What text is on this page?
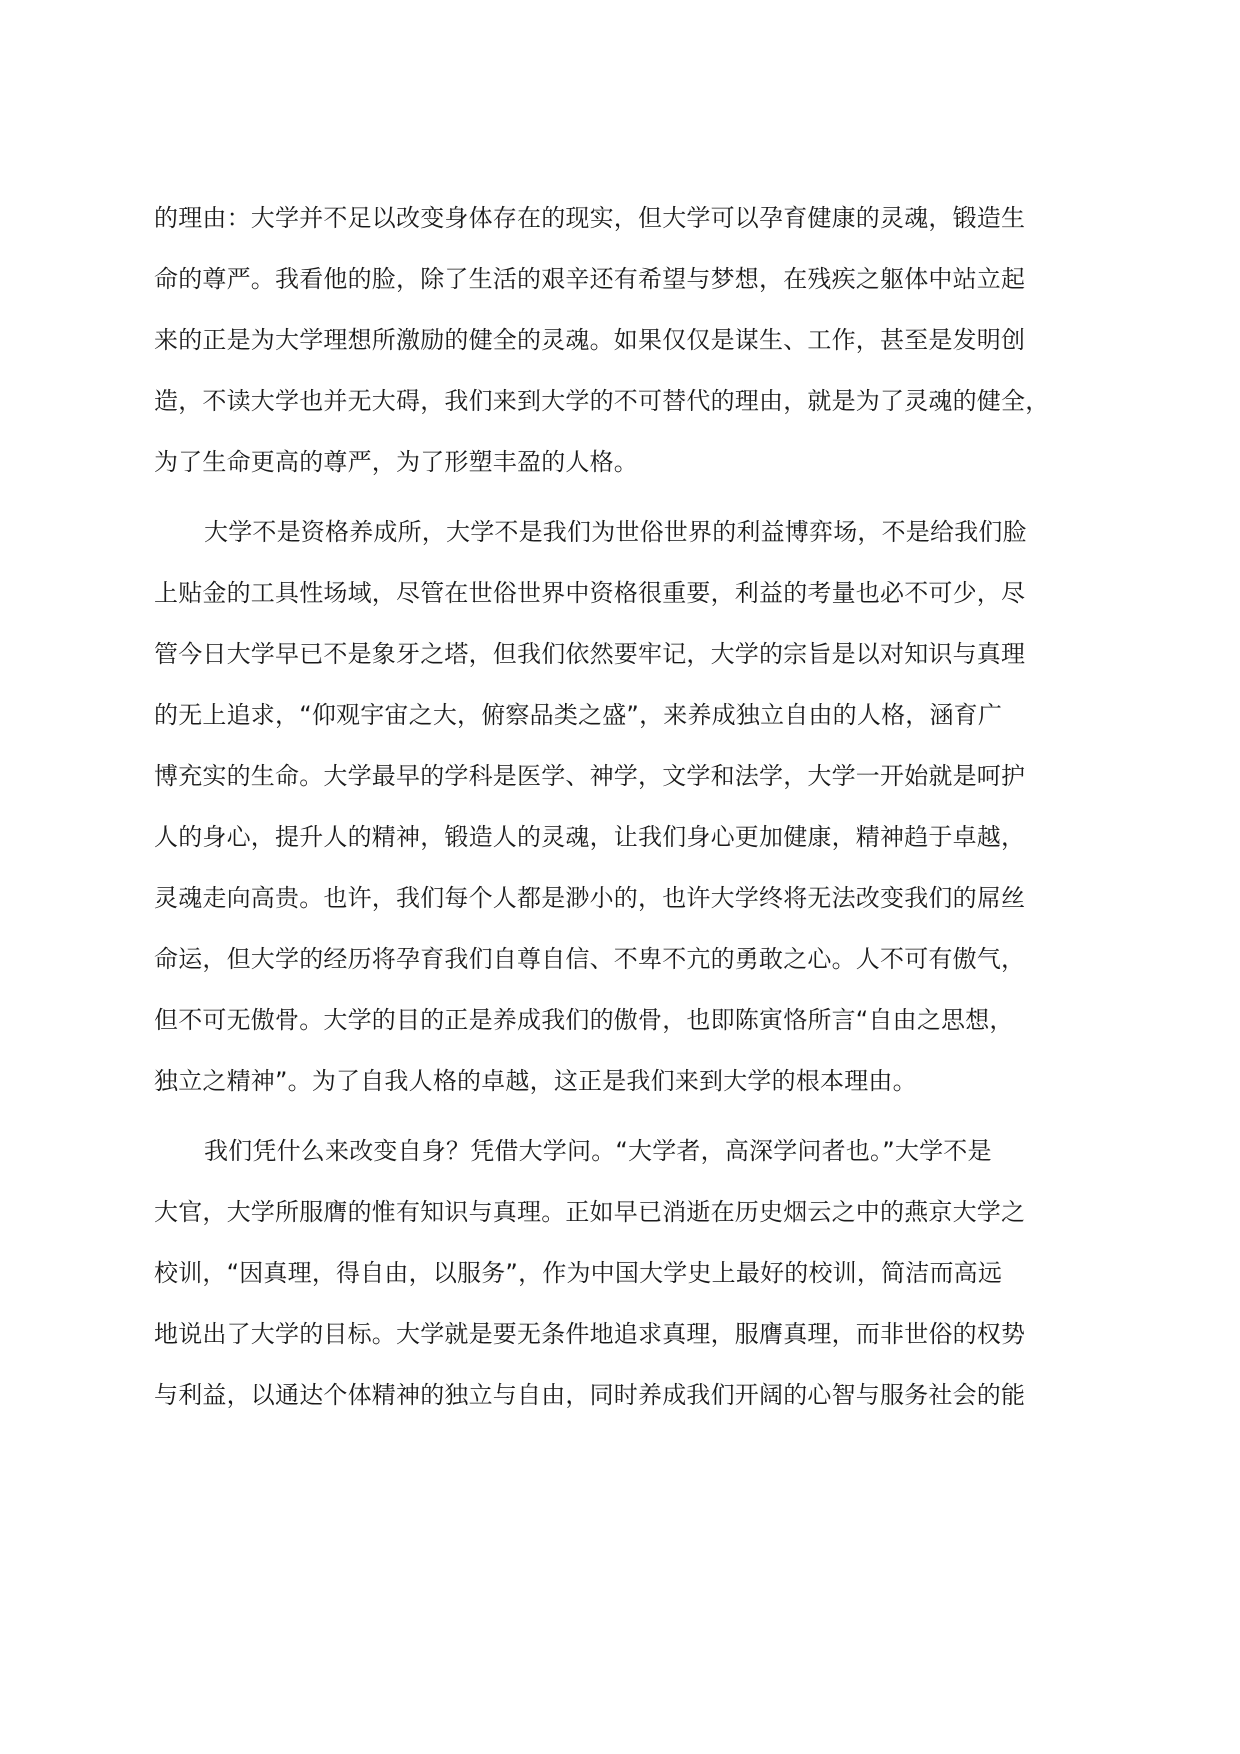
的理由：大学并不足以改变身体存在的现实，但大学可以孕育健康的灵魂，锻造生
命的尊严。我看他的脸，除了生活的艰辛还有希望与梦想，在残疾之躯体中站立起
来的正是为大学理想所激励的健全的灵魂。如果仅仅是谋生、工作，甚至是发明创
造，不读大学也并无大碍，我们来到大学的不可替代的理由，就是为了灵魂的健全，
为了生命更高的尊严，为了形塑丰盈的人格。
大学不是资格养成所，大学不是我们为世俗世界的利益博弈场，不是给我们脸
上贴金的工具性场域，尽管在世俗世界中资格很重要，利益的考量也必不可少，尽
管今日大学早已不是象牙之塔，但我们依然要牢记，大学的宗旨是以对知识与真理
的无上追求，“仰观宇宙之大，俯察品类之盛”，来养成独立自由的人格，涵育广
博充实的生命。大学最早的学科是医学、神学，文学和法学，大学一开始就是呵护
人的身心，提升人的精神，锻造人的灵魂，让我们身心更加健康，精神趋于卓越，
灵魂走向高贵。也许，我们每个人都是渺小的，也许大学终将无法改变我们的屌丝
命运，但大学的经历将孕育我们自尊自信、不卑不亢的勇敢之心。人不可有傲气，
但不可无傲骨。大学的目的正是养成我们的傲骨，也即陈寅恪所言“自由之思想，
独立之精神”。为了自我人格的卓越，这正是我们来到大学的根本理由。
我们凭什么来改变自身？凭借大学问。“大学者，高深学问者也。”大学不是
大官，大学所服膺的惟有知识与真理。正如早已消逝在历史烟云之中的燕京大学之
校训，“因真理，得自由，以服务”，作为中国大学史上最好的校训，简洁而高远
地说出了大学的目标。大学就是要无条件地追求真理，服膺真理，而非世俗的权势
与利益，以通达个体精神的独立与自由，同时养成我们开阔的心智与服务社会的能
